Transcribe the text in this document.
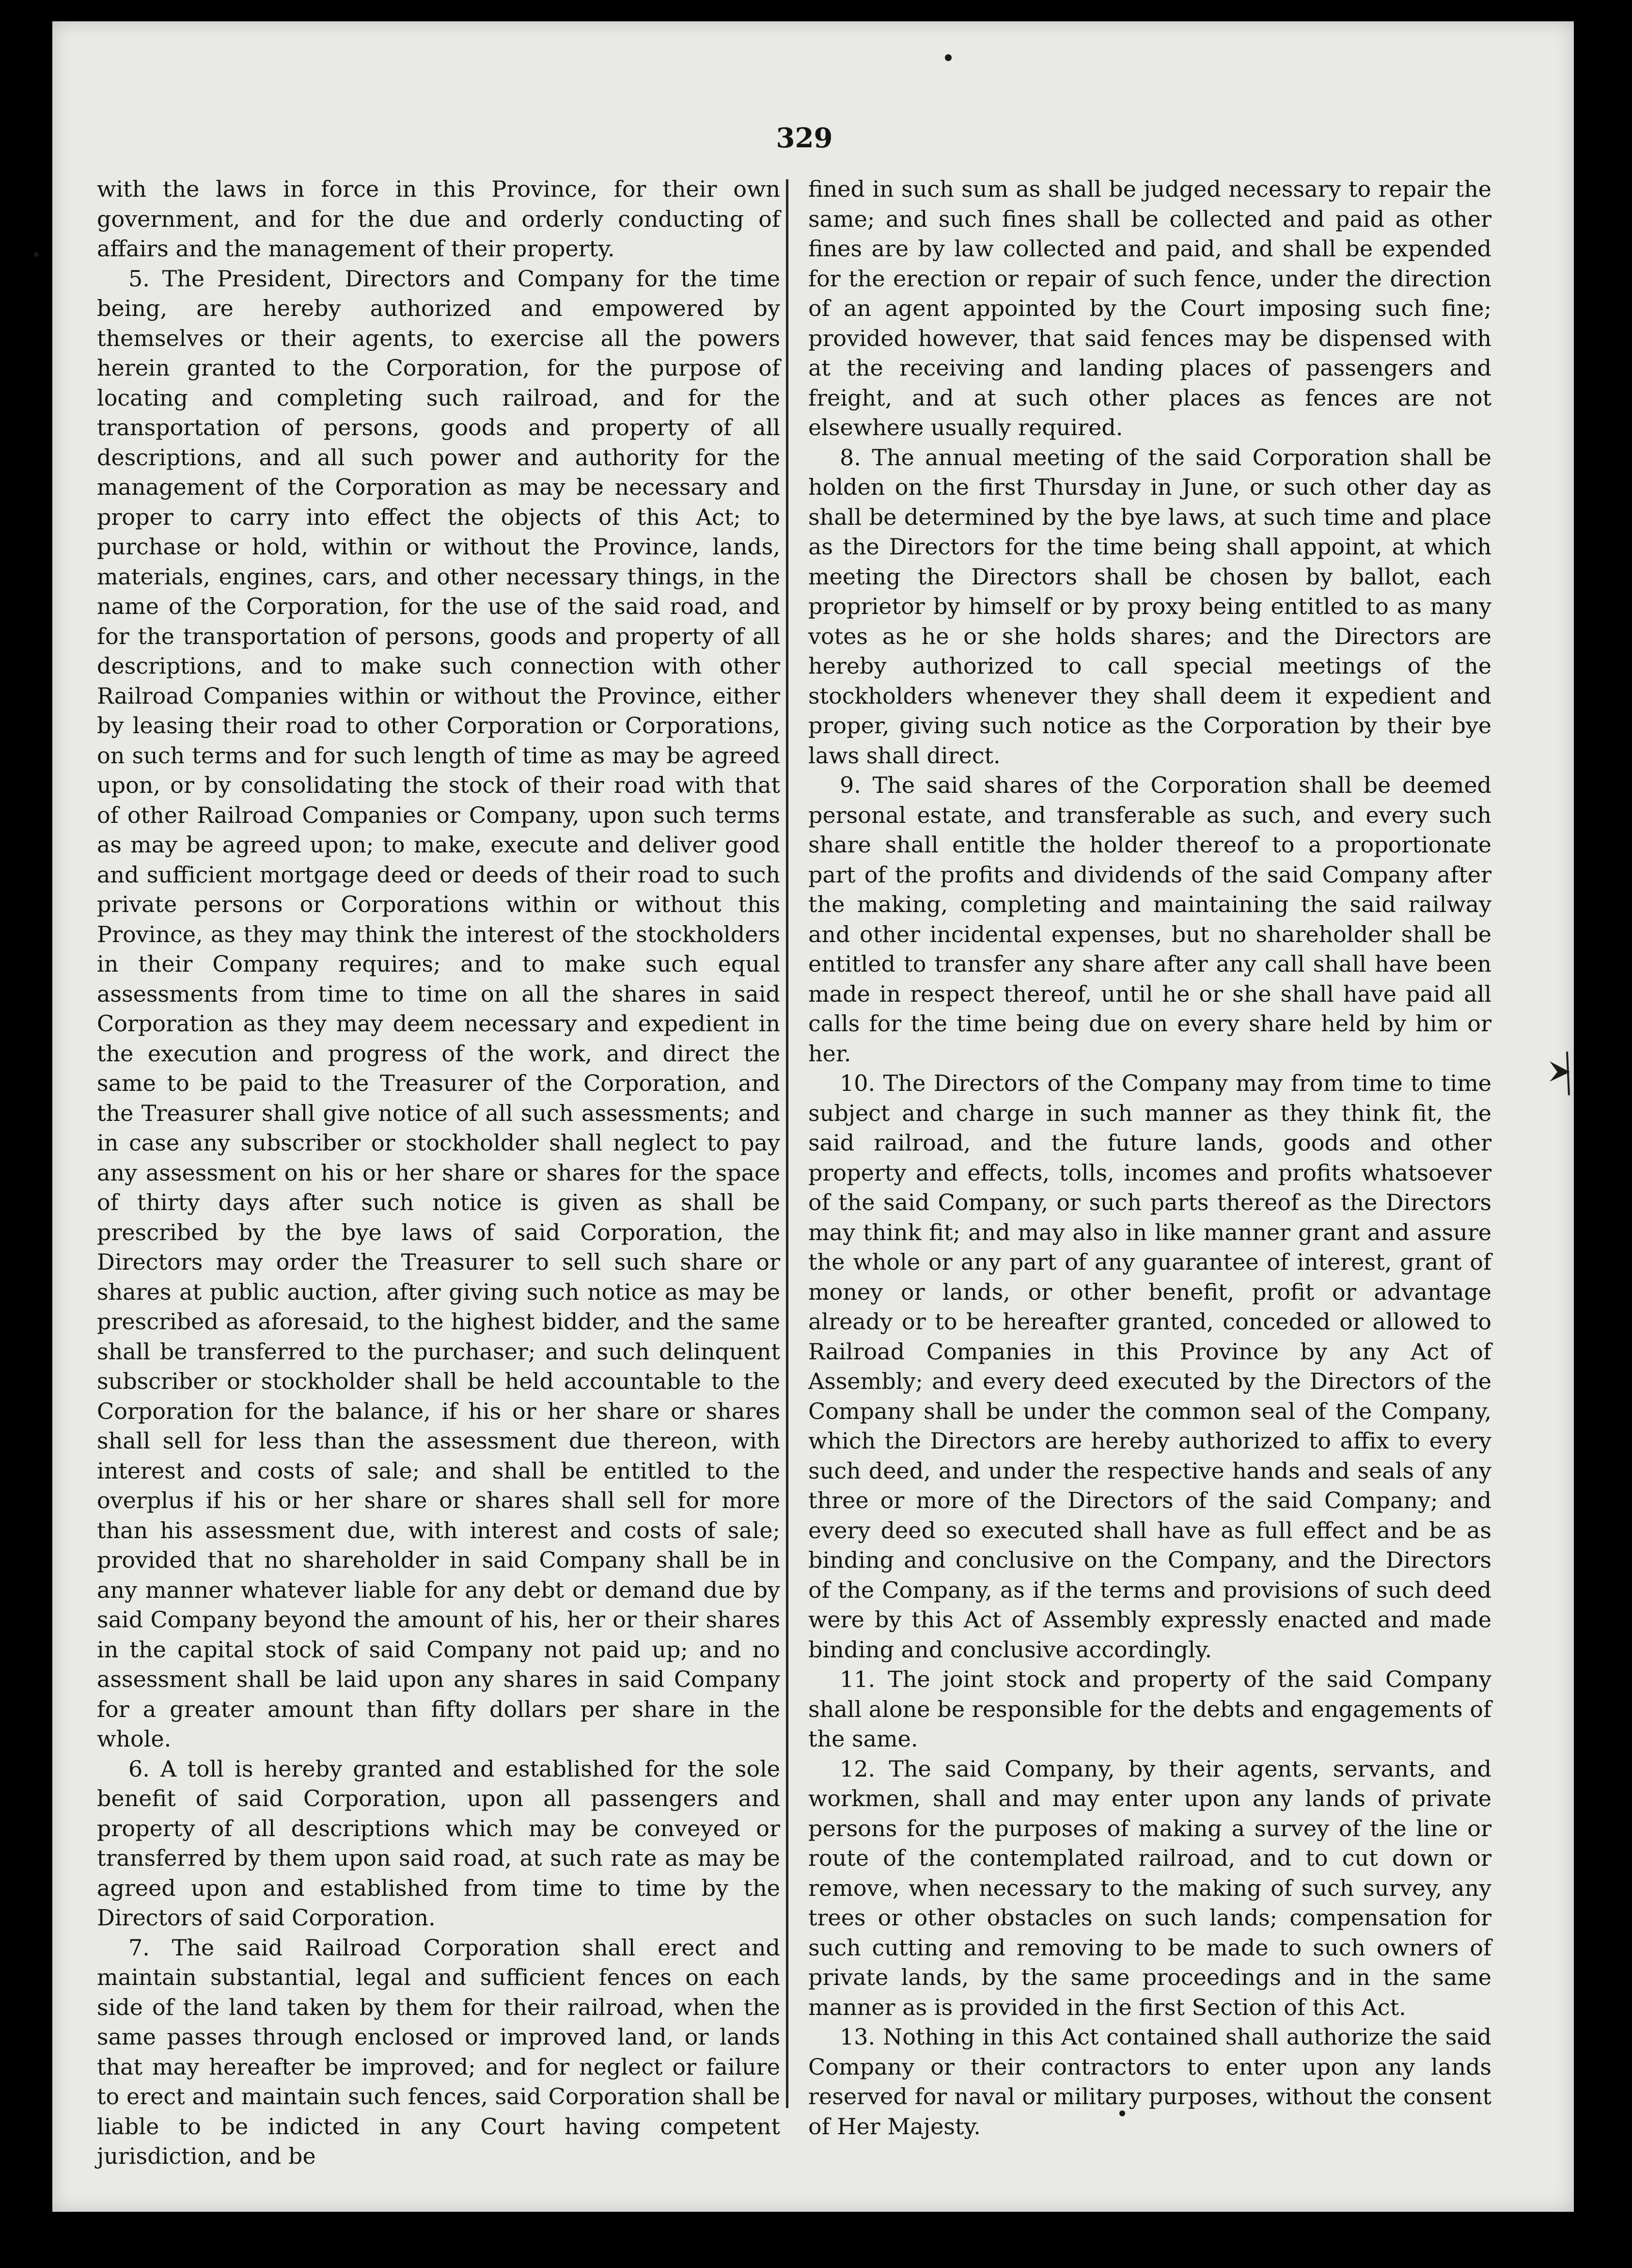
329

with the laws in force in this Province, for their own government, and for the due and orderly conducting of affairs and the management of their property.

5. The President, Directors and Company for the time being, are hereby authorized and empowered by themselves or their agents, to exercise all the powers herein granted to the Corporation, for the purpose of locating and completing such railroad, and for the transportation of persons, goods and property of all descriptions, and all such power and authority for the management of the Corporation as may be necessary and proper to carry into effect the objects of this Act; to purchase or hold, within or without the Province, lands, materials, engines, cars, and other necessary things, in the name of the Corporation, for the use of the said road, and for the transportation of persons, goods and property of all descriptions, and to make such connection with other Railroad Companies within or without the Province, either by leasing their road to other Corporation or Corporations, on such terms and for such length of time as may be agreed upon, or by consolidating the stock of their road with that of other Railroad Companies or Company, upon such terms as may be agreed upon; to make, execute and deliver good and sufficient mortgage deed or deeds of their road to such private persons or Corporations within or without this Province, as they may think the interest of the stockholders in their Company requires; and to make such equal assessments from time to time on all the shares in said Corporation as they may deem necessary and expedient in the execution and progress of the work, and direct the same to be paid to the Treasurer of the Corporation, and the Treasurer shall give notice of all such assessments; and in case any subscriber or stockholder shall neglect to pay any assessment on his or her share or shares for the space of thirty days after such notice is given as shall be prescribed by the bye laws of said Corporation, the Directors may order the Treasurer to sell such share or shares at public auction, after giving such notice as may be prescribed as aforesaid, to the highest bidder, and the same shall be transferred to the purchaser; and such delinquent subscriber or stockholder shall be held accountable to the Corporation for the balance, if his or her share or shares shall sell for less than the assessment due thereon, with interest and costs of sale; and shall be entitled to the overplus if his or her share or shares shall sell for more than his assessment due, with interest and costs of sale; provided that no shareholder in said Company shall be in any manner whatever liable for any debt or demand due by said Company beyond the amount of his, her or their shares in the capital stock of said Company not paid up; and no assessment shall be laid upon any shares in said Company for a greater amount than fifty dollars per share in the whole.

6. A toll is hereby granted and established for the sole benefit of said Corporation, upon all passengers and property of all descriptions which may be conveyed or transferred by them upon said road, at such rate as may be agreed upon and established from time to time by the Directors of said Corporation.

7. The said Railroad Corporation shall erect and maintain substantial, legal and sufficient fences on each side of the land taken by them for their railroad, when the same passes through enclosed or improved land, or lands that may hereafter be improved; and for neglect or failure to erect and maintain such fences, said Corporation shall be liable to be indicted in any Court having competent jurisdiction, and be

fined in such sum as shall be judged necessary to repair the same; and such fines shall be collected and paid as other fines are by law collected and paid, and shall be expended for the erection or repair of such fence, under the direction of an agent appointed by the Court imposing such fine; provided however, that said fences may be dispensed with at the receiving and landing places of passengers and freight, and at such other places as fences are not elsewhere usually required.

8. The annual meeting of the said Corporation shall be holden on the first Thursday in June, or such other day as shall be determined by the bye laws, at such time and place as the Directors for the time being shall appoint, at which meeting the Directors shall be chosen by ballot, each proprietor by himself or by proxy being entitled to as many votes as he or she holds shares; and the Directors are hereby authorized to call special meetings of the stockholders whenever they shall deem it expedient and proper, giving such notice as the Corporation by their bye laws shall direct.

9. The said shares of the Corporation shall be deemed personal estate, and transferable as such, and every such share shall entitle the holder thereof to a proportionate part of the profits and dividends of the said Company after the making, completing and maintaining the said railway and other incidental expenses, but no shareholder shall be entitled to transfer any share after any call shall have been made in respect thereof, until he or she shall have paid all calls for the time being due on every share held by him or her.

10. The Directors of the Company may from time to time subject and charge in such manner as they think fit, the said railroad, and the future lands, goods and other property and effects, tolls, incomes and profits whatsoever of the said Company, or such parts thereof as the Directors may think fit; and may also in like manner grant and assure the whole or any part of any guarantee of interest, grant of money or lands, or other benefit, profit or advantage already or to be hereafter granted, conceded or allowed to Railroad Companies in this Province by any Act of Assembly; and every deed executed by the Directors of the Company shall be under the common seal of the Company, which the Directors are hereby authorized to affix to every such deed, and under the respective hands and seals of any three or more of the Directors of the said Company; and every deed so executed shall have as full effect and be as binding and conclusive on the Company, and the Directors of the Company, as if the terms and provisions of such deed were by this Act of Assembly expressly enacted and made binding and conclusive accordingly.

11. The joint stock and property of the said Company shall alone be responsible for the debts and engagements of the same.

12. The said Company, by their agents, servants, and workmen, shall and may enter upon any lands of private persons for the purposes of making a survey of the line or route of the contemplated railroad, and to cut down or remove, when necessary to the making of such survey, any trees or other obstacles on such lands; compensation for such cutting and removing to be made to such owners of private lands, by the same proceedings and in the same manner as is provided in the first Section of this Act.

13. Nothing in this Act contained shall authorize the said Company or their contractors to enter upon any lands reserved for naval or military purposes, without the consent of Her Majesty.
